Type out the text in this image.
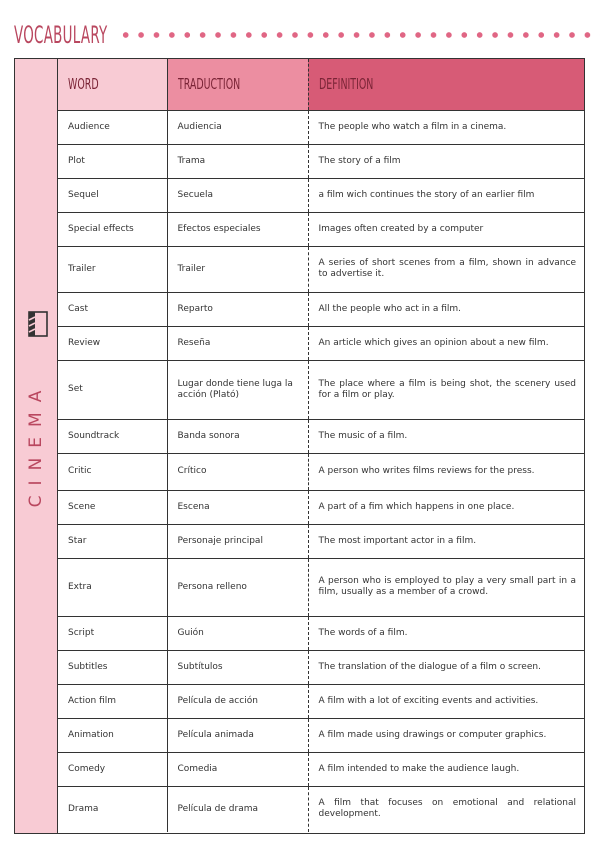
VOCABULARY
CINEMA
WORD	TRADUCTION	DEFINITION
Audience	Audiencia	The people who watch a film in a cinema.
Plot	Trama	The story of a film
Sequel	Secuela	a film wich continues the story of an earlier film
Special effects	Efectos especiales	Images often created by a computer
Trailer	Trailer	A series of short scenes from a film, shown in advance to advertise it.
Cast	Reparto	All the people who act in a film.
Review	Reseña	An article which gives an opinion about a new film.
Set	Lugar donde tiene luga la acción (Plató)	The place where a film is being shot, the scenery used for a film or play.
Soundtrack	Banda sonora	The music of a film.
Critic	Crítico	A person who writes films reviews for the press.
Scene	Escena	A part of a fim which happens in one place.
Star	Personaje principal	The most important actor in a film.
Extra	Persona relleno	A person who is employed to play a very small part in a film, usually as a member of a crowd.
Script	Guión	The words of a film.
Subtitles	Subtítulos	The translation of the dialogue of a film o screen.
Action film	Película de acción	A film with a lot of exciting events and activities.
Animation	Película animada	A film made using drawings or computer graphics.
Comedy	Comedia	A film intended to make the audience laugh.
Drama	Película de drama	A film that focuses on emotional and relational development.
